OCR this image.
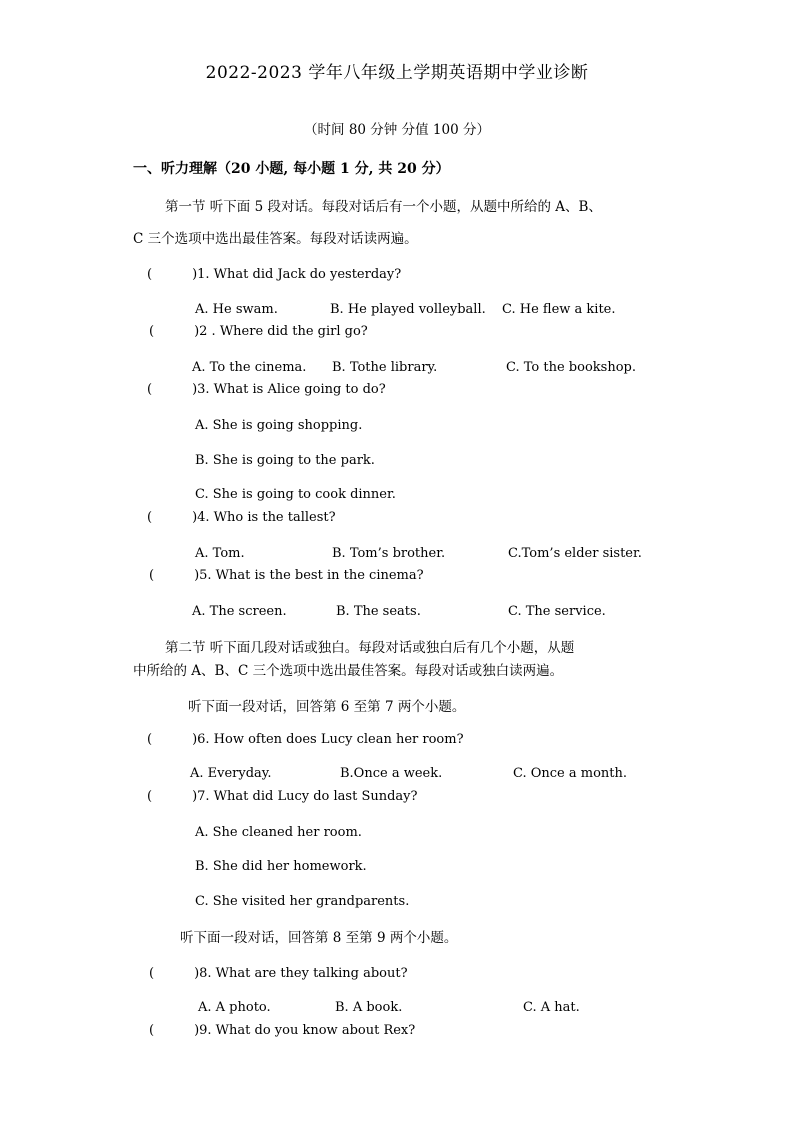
2022-2023 学年八年级上学期英语期中学业诊断
（时间 80 分钟 分值 100 分）
一、听力理解（20 小题, 每小题 1 分, 共 20 分）
第一节 听下面 5 段对话。每段对话后有一个小题，从题中所给的 A、B、
C 三个选项中选出最佳答案。每段对话读两遍。
(	)1. What did Jack do yesterday?
A. He swam.	B. He played volleyball. C. He flew a kite.
(	)2 . Where did the girl go?
A. To the cinema. B. Tothe library.	C. To the bookshop.
(	)3. What is Alice going to do?
A. She is going shopping.
B. She is going to the park.
C. She is going to cook dinner.
(	)4. Who is the tallest?
A. Tom.	B. Tom’s brother.	C.Tom’s elder sister.
(	)5. What is the best in the cinema?
A. The screen.	B. The seats.	C. The service.
第二节 听下面几段对话或独白。每段对话或独白后有几个小题，从题
中所给的 A、B、C 三个选项中选出最佳答案。每段对话或独白读两遍。
听下面一段对话，回答第 6 至第 7 两个小题。
(	)6. How often does Lucy clean her room?
A. Everyday.	B.Once a week.	C. Once a month.
(	)7. What did Lucy do last Sunday?
A. She cleaned her room.
B. She did her homework.
C. She visited her grandparents.
听下面一段对话，回答第 8 至第 9 两个小题。
(	)8. What are they talking about?
A. A photo.	B. A book.	C. A hat.
(	)9. What do you know about Rex?
